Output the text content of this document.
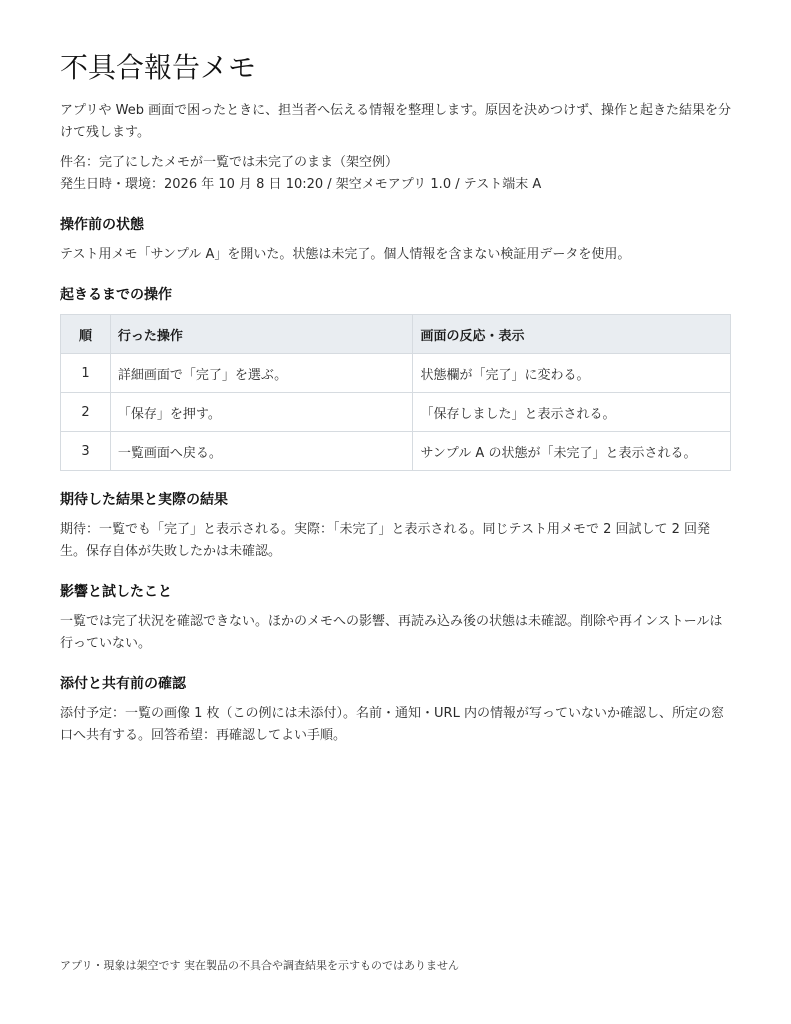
不具合報告メモ

アプリや Web 画面で困ったときに、担当者へ伝える情報を整理します。原因を決めつけず、操作と起きた結果を分けて残します。

件名：完了にしたメモが一覧では未完了のまま（架空例）

発生日時・環境：2026 年 10 月 8 日 10:20 / 架空メモアプリ 1.0 / テスト端末 A

操作前の状態

テスト用メモ「サンプル A」を開いた。状態は未完了。個人情報を含まない検証用データを使用。

起きるまでの操作
順	行った操作	画面の反応・表示
1	詳細画面で「完了」を選ぶ。	状態欄が「完了」に変わる。
2	「保存」を押す。	「保存しました」と表示される。
3	一覧画面へ戻る。	サンプル A の状態が「未完了」と表示される。
期待した結果と実際の結果

期待：一覧でも「完了」と表示される。実際：「未完了」と表示される。同じテスト用メモで 2 回試して 2 回発生。保存自体が失敗したかは未確認。

影響と試したこと

一覧では完了状況を確認できない。ほかのメモへの影響、再読み込み後の状態は未確認。削除や再インストールは行っていない。

添付と共有前の確認

添付予定：一覧の画像 1 枚（この例には未添付）。名前・通知・URL 内の情報が写っていないか確認し、所定の窓口へ共有する。回答希望：再確認してよい手順。

アプリ・現象は架空です 実在製品の不具合や調査結果を示すものではありません
